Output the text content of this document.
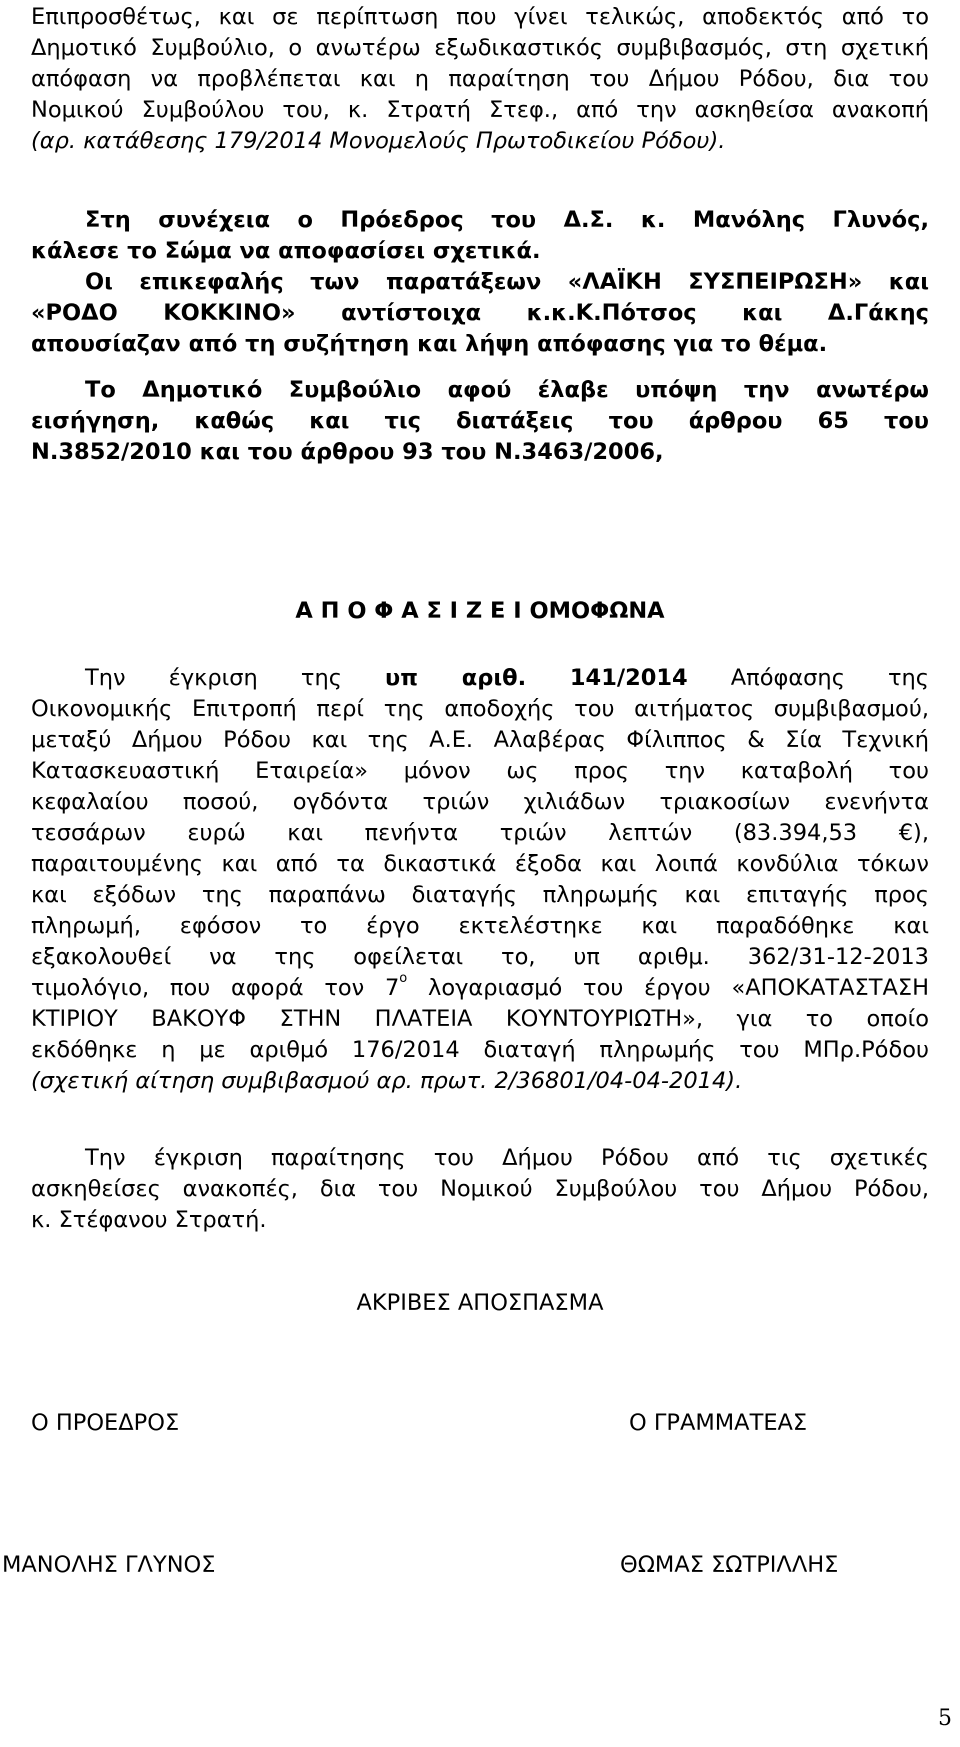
Επιπροσθέτως, και σε περίπτωση που γίνει τελικώς, αποδεκτός από το
Δημοτικό Συμβούλιο, ο ανωτέρω εξωδικαστικός συμβιβασμός, στη σχετική
απόφαση να προβλέπεται και η παραίτηση του Δήμου Ρόδου, δια του
Νομικού Συμβούλου του, κ. Στρατή Στεφ., από την ασκηθείσα ανακοπή
(αρ. κατάθεσης 179/2014 Μονομελούς Πρωτοδικείου Ρόδου).
Στη συνέχεια ο Πρόεδρος του Δ.Σ. κ. Μανόλης Γλυνός,
κάλεσε το Σώμα να αποφασίσει σχετικά.
Οι επικεφαλής των παρατάξεων «ΛΑΪΚΗ ΣΥΣΠΕΙΡΩΣΗ» και
«ΡΟΔΟ ΚΟΚΚΙΝΟ» αντίστοιχα κ.κ.Κ.Πότσος και Δ.Γάκης
απουσίαζαν από τη συζήτηση και λήψη απόφασης για το θέμα.
Το Δημοτικό Συμβούλιο αφού έλαβε υπόψη την ανωτέρω
εισήγηση, καθώς και τις διατάξεις του άρθρου 65 του
Ν.3852/2010 και του άρθρου 93 του Ν.3463/2006,
Α Π Ο Φ Α Σ Ι Ζ Ε Ι ΟΜΟΦΩΝΑ
Την έγκριση της υπ αριθ. 141/2014 Απόφασης της
Οικονομικής Επιτροπή περί της αποδοχής του αιτήματος συμβιβασμού,
μεταξύ Δήμου Ρόδου και της Α.Ε. Αλαβέρας Φίλιππος & Σία Τεχνική
Κατασκευαστική Εταιρεία» μόνον ως προς την καταβολή του
κεφαλαίου ποσού, ογδόντα τριών χιλιάδων τριακοσίων ενενήντα
τεσσάρων ευρώ και πενήντα τριών λεπτών (83.394,53 €),
παραιτουμένης και από τα δικαστικά έξοδα και λοιπά κονδύλια τόκων
και εξόδων της παραπάνω διαταγής πληρωμής και επιταγής προς
πληρωμή, εφόσον το έργο εκτελέστηκε και παραδόθηκε και
εξακολουθεί να της οφείλεται το, υπ αριθμ. 362/31-12-2013
τιμολόγιο, που αφορά τον $7^o$ λογαριασμό του έργου «ΑΠΟΚΑΤΑΣΤΑΣΗ
ΚΤΙΡΙΟΥ ΒΑΚΟΥΦ ΣΤΗΝ ΠΛΑΤΕΙΑ ΚΟΥΝΤΟΥΡΙΩΤΗ», για το οποίο
εκδόθηκε η με αριθμό 176/2014 διαταγή πληρωμής του ΜΠρ.Ρόδου
(σχετική αίτηση συμβιβασμού αρ. πρωτ. 2/36801/04-04-2014).
Την έγκριση παραίτησης του Δήμου Ρόδου από τις σχετικές
ασκηθείσες ανακοπές, δια του Νομικού Συμβούλου του Δήμου Ρόδου,
κ. Στέφανου Στρατή.
ΑΚΡΙΒΕΣ ΑΠΟΣΠΑΣΜΑ
Ο ΠΡΟΕΔΡΟΣ	Ο ΓΡΑΜΜΑΤΕΑΣ
ΜΑΝΟΛΗΣ ΓΛΥΝΟΣ	ΘΩΜΑΣ ΣΩΤΡΙΛΛΗΣ
5
